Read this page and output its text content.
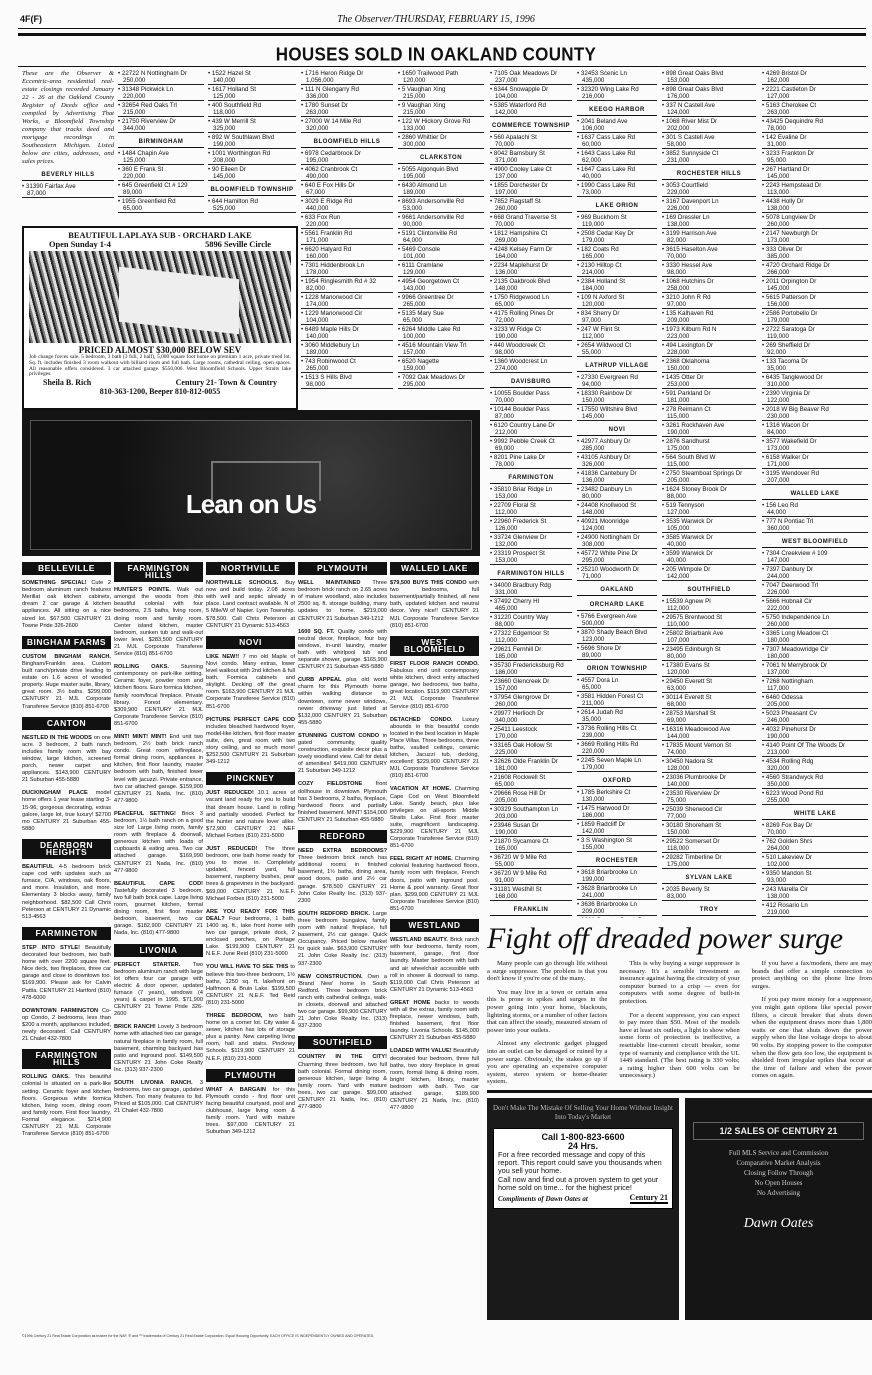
4F(F)	The Observer/THURSDAY, FEBRUARY 15, 1996
HOUSES SOLD IN OAKLAND COUNTY
These are the Observer & Eccentric-area residential real-estate closings recorded January 22 - 26 at the Oakland County Register of Deeds office and compiled by Advertising That Works, a Bloomfield Township company that tracks deed and mortgage recordings in Southeastern Michigan. Listed below are cities, addresses, and sales prices.
BEVERLY HILLS
• 31390 Fairfax Ave
87,000
• 22722 N Nottingham Dr
250,000
• 31348 Pickwick Ln
220,000
• 32654 Red Oaks Trl
215,000
• 21750 Riverview Dr
344,000
BIRMINGHAM
• 1484 Chapin Ave
125,000
• 360 E Frank St
220,000
• 645 Greenfield Ct # 129
89,000
• 1955 Greenfield Rd
65,000
• 1522 Hazel St
140,000
• 1617 Holland St
125,000
• 400 Southfield Rd
118,000
• 439 W Merrill St
325,000
• 892 W Southlawn Blvd
199,000
• 1001 Worthington Rd
208,000
• 90 Eileen Dr
145,000
BLOOMFIELD TOWNSHIP
• 644 Hamilton Rd
525,000
• 1716 Heron Ridge Dr
1,056,000
• 111 N Glengarry Rd
336,000
• 1780 Sunset Dr
263,000
• 27000 W 14 Mile Rd
320,000
BLOOMFIELD HILLS
• 6978 Cedarbrook Dr
195,000
• 4062 Cranbrook Ct
490,000
• 640 E Fox Hills Dr
67,000
• 3029 E Ridge Rd
440,000
• 633 Fox Run
220,000
• 5561 Franklin Rd
171,000
• 6620 Halyard Rd
160,000
• 7301 Hiddenbrook Ln
178,000
• 1954 Ringlesmith Rd # 32
82,000
• 1228 Manorwood Cir
174,000
• 1229 Manorwood Cir
104,000
• 6489 Maple Hills Dr
140,000
• 3060 Middlebury Ln
189,000
• 743 Robinwood Ct
265,000
• 1513 S Hills Blvd
98,000
• 1650 Trailwood Path
120,000
• 5 Vaughan Xing
215,000
• 9 Vaughan Xing
215,000
• 122 W Hickory Grove Rd
133,000
• 2860 Whittier Dr
300,000
CLARKSTON
• 5055 Algonquin Blvd
195,000
• 6430 Almond Ln
189,000
• 8693 Andersonville Rd
53,000
• 9661 Andersonville Rd
90,000
• 5191 Clintonville Rd
64,000
• 5469 Console
101,000
• 6111 Cramlane
129,000
• 4954 Georgetown Ct
143,000
• 9966 Greentree Dr
265,000
• 5135 Mary Sue
65,000
• 6264 Middle Lake Rd
100,000
• 4516 Mountain View Trl
157,000
• 6520 Nagette
159,000
• 7092 Oak Meadows Dr
295,000
• 7105 Oak Meadows Dr
237,000
• 6344 Snowapple Dr
104,000
• 5385 Waterford Rd
142,000
COMMERCE TOWNSHIP
• 560 Apalachi St
70,000
• 8042 Bamsbury St
371,000
• 4900 Cooley Lake Ct
137,000
• 1855 Dorchester Dr
197,000
• 7852 Flagstaff St
260,000
• 668 Grand Traverse St
70,000
• 1812 Hampshire Ct
269,000
• 4248 Kelsey Farm Dr
164,000
• 2234 Maplehurst Dr
136,000
• 2135 Oakbrook Blvd
148,000
• 1750 Ridgewood Ln
65,000
• 4175 Rolling Pines Dr
72,000
• 3233 W Ridge Ct
190,000
• 440 Woodcreek Ct
98,000
• 1360 Woodcrest Ln
274,000
DAVISBURG
• 10055 Boulder Pass
70,000
• 10144 Boulder Pass
87,000
• 6120 Country Lane Dr
212,000
• 9992 Pebble Creek Ct
69,000
• 8201 Pine Lake Dr
78,000
FARMINGTON
• 35810 Briar Ridge Ln
153,000
• 22709 Floral St
112,000
• 22960 Frederick St
126,000
• 33724 Glenview Dr
132,000
• 23319 Prospect St
153,000
FARMINGTON HILLS
• 34000 Bradbury Rdg
331,000
• 37492 Cherry Hl
465,000
• 31220 Country Way
88,000
• 27322 Edgemoor St
112,000
• 29621 Fernhill Dr
185,000
• 35730 Fredericksburg Rd
186,000
• 23660 Glencreek Dr
157,000
• 37954 Glengrove Dr
260,000
• 29977 Herlioch Dr
340,000
• 25411 Leestock
170,000
• 33165 Oak Hollow St
225,000
• 32626 Olde Franklin Dr
181,000
• 21608 Rockwell St
65,000
• 29666 Rose Hill Dr
205,000
• 30329 Southampton Ln
203,000
• 23946 Susan Dr
190,000
• 21870 Sycamore Ct
165,000
• 36720 W 9 Mile Rd
55,000
• 36720 W 9 Mile Rd
91,000
• 31181 Westhill St
168,000
FRANKLIN
• 32453 Scenic Ln
435,000
• 32320 Wing Lake Rd
216,000
KEEGO HARBOR
• 2041 Beland Ave
106,000
• 1637 Cass Lake Rd
60,000
• 1643 Cass Lake Rd
62,000
• 1647 Cass Lake Rd
40,000
• 1990 Cass Lake Rd
73,000
LAKE ORION
• 969 Buckhorn St
119,000
• 2508 Cedar Key Dr
179,000
• 182 Coats Rd
165,000
• 2130 Hilltop Ct
214,000
• 2384 Holland St
184,000
• 109 N Axford St
120,000
• 834 Sherry Dr
97,000
• 247 W Flint St
112,000
• 2654 Wildwood Ct
55,000
LATHRUP VILLAGE
• 27330 Evergreen Rd
94,000
• 18330 Rainbow Dr
150,000
• 17550 Wiltshire Blvd
145,000
NOVI
• 42977 Ashbury Dr
285,000
• 43105 Ashbury Dr
326,000
• 41836 Cantebury Dr
136,000
• 23482 Danbury Ln
80,000
• 24408 Knollwood St
148,000
• 40921 Moonridge
124,000
• 24900 Nottingham Dr
308,000
• 45772 White Pine Dr
295,000
• 25210 Woodworth Dr
71,000
OAKLAND
ORCHARD LAKE
• 5766 Evergreen Ave
500,000
• 3870 Shady Beach Blvd
123,000
• 5696 Shore Dr
89,000
ORION TOWNSHIP
• 4557 Dora Ln
65,000
• 3581 Hidden Forest Ct
211,000
• 2614 Judah Rd
35,000
• 3736 Rolling Hills Ct
239,000
• 3669 Rolling Hills Rd
220,000
• 2245 Seven Maple Ln
179,000
OXFORD
• 1785 Berkshire Ct
130,000
• 1475 Harwood Dr
186,000
• 1859 Radcliff Dr
142,000
• 3 S Washington St
155,000
ROCHESTER
• 3618 Briarbrooke Ln
199,000
• 3628 Briarbrooke Ln
241,000
• 3636 Briarbrooke Ln
209,000
•
• 898 Great Oaks Blvd
153,000
• 898 Great Oaks Blvd
176,000
• 337 N Castell Ave
124,000
• 1068 River Mist Dr
202,000
• 301 S Castell Ave
58,000
• 3852 Sunnyside Ct
231,000
ROCHESTER HILLS
• 3053 Courtfield
229,000
• 3167 Davenport Ln
226,000
• 169 Dressler Ln
138,000
• 3199 Harrison Ave
82,000
• 3615 Haselton Ave
70,000
• 3330 Hessel Ave
98,000
• 1068 Hutchins Dr
258,000
• 3210 John R Rd
97,000
• 135 Kalhaven Rd
209,000
• 1973 Kilburn Rd N
223,000
• 494 Lexington Dr
228,000
• 2368 Oklahoma
150,000
• 1435 Otter Dr
253,000
• 591 Parkland Dr
181,000
• 278 Reimann Ct
115,000
• 3261 Rockhaven Ave
190,000
• 2876 Sandhurst
175,000
• 564 South Blvd W
115,000
• 2750 Steamboat Springs Dr
205,000
• 1624 Stoney Brook Dr
88,000
• 519 Tennyson
127,000
• 3535 Warwick Dr
105,000
• 3585 Warwick Dr
40,000
• 3599 Warwick Dr
40,000
• 205 Wimpole Dr
142,000
SOUTHFIELD
• 15539 Agnew Pl
112,000
• 29575 Brentwood St
110,000
• 25802 Briarbank Ave
107,000
• 23495 Edinburgh St
80,000
• 17380 Evans St
120,000
• 29450 Everett St
63,000
• 30114 Everett St
68,000
• 28753 Marshall St
69,000
• 16316 Meadowood Ave
144,000
• 17835 Mount Vernon St
74,000
• 30450 Nadora St
128,000
• 23036 Plumbrooke Dr
140,000
• 23530 Riverview Dr
75,000
• 25039 Sherwood Cir
77,000
• 30180 Shoreham St
150,000
• 29522 Somerset Dr
118,000
• 29282 Timberline Dr
175,000
SYLVAN LAKE
• 2035 Beverly St
83,000
TROY
• 4269 Bristol Dr
162,000
• 2221 Castleton Dr
127,000
• 5163 Cherokee Ct
263,000
• 43425 Dequindre Rd
78,000
• 142 Evaline Dr
31,000
• 3233 Frankton Dr
95,000
• 267 Hartland Dr
145,000
• 2243 Hempstead Dr
113,000
• 4438 Holly Dr
138,000
• 5078 Longview Dr
260,000
• 2147 Newburgh Dr
173,000
• 333 Oliver Dr
385,000
• 4720 Orchard Ridge Dr
266,000
• 2011 Orpington Dr
145,000
• 5615 Patterson Dr
156,000
• 2586 Portobello Dr
179,000
• 2722 Saratoga Dr
119,000
• 269 Sheffield Dr
92,000
• 133 Tacoma Dr
35,000
• 6435 Tanglewood Dr
310,000
• 2390 Virginia Dr
122,000
• 2018 W Big Beaver Rd
230,000
• 1316 Wacon Dr
84,000
• 3577 Wakefield Dr
173,000
• 6158 Walker Dr
171,000
• 3195 Wendover Rd
207,000
WALLED LAKE
• 156 Leo Rd
44,000
• 777 N Pontiac Trl
360,000
WEST BLOOMFIELD
• 7304 Creekview # 109
147,000
• 7397 Danbury Dr
244,000
• 7047 Deerwood Trl
226,000
• 5666 Hobnail Cir
222,000
• 5750 Independence Ln
260,000
• 3365 Long Meadow Ct
180,000
• 7307 Meadowridge Cir
180,000
• 7061 N Merrybrook Dr
137,000
• 7268 Nottingham
117,000
• 6460 Odessa
205,000
• 5023 Pheasant Cv
246,000
• 4032 Pinehurst Dr
190,000
• 4140 Point Of The Woods Dr
213,000
• 4534 Rolling Rdg
320,000
• 4560 Strandwyck Rd
350,000
• 6223 Wood Pond Rd
255,000
WHITE LAKE
• 8269 Fox Bay Dr
70,000
• 762 Golden Shrs
264,000
• 510 Lakeview Dr
102,000
• 9350 Mandon St
93,000
• 243 Marella Cir
138,000
• 412 Rosario Ln
219,000
BEAUTIFUL LAPLAYA SUB - ORCHARD LAKE
Open Sunday 1-4	5896 Seville Circle
PRICED ALMOST $30,000 BELOW SEV
Job change forces sale. 5 bedroom, 3 bath (3 full, 2 half), 5,000 square foot home on premium 1 acre, private treed lot. Sq. ft. includes finished 3 room walkout with billiard room and full bath. Large rooms, cathedral ceiling, open spaces. All reasonable offers considered. 3 car attached garage. $550,000. West Bloomfield Schools. Upper Straits lake privileges.
Sheila B. Rich	Century 21- Town & Country
810-363-1200, Beeper 810-812-0055
Lean on Us
BELLEVILLE
SOMETHING SPECIAL! Cute 2 bedroom aluminum ranch features Merillat oak kitchen cabinets, dream 2 car garage & kitchen appliances. All sitting on a nice sized lot. $67,500 CENTURY 21 Towne Pride 326-2600
BINGHAM FARMS
CUSTOM BINGHAM RANCH. Bingham/Franklin area. Custom built ranch/private drive leading to estate on 1.6 acres of wooded property. Huge master suite, library, great room. 3½ baths. $299,000 CENTURY 21 MJL Corporate Transferee Service (810) 851-6700
CANTON
NESTLED IN THE WOODS on one acre. 3 bedroom, 2 bath ranch includes family room with bay window, large kitchen, screened porch, newer carpet and appliances. $143,900 CENTURY 21 Suburban 455-5880
DUCKINGHAM PLACE model home offers 1 year lease starting 3-15-96, gorgeous decorating, extras galore, large lot, true luxury! $2700 mo CENTURY 21 Suburban 455-5880
DEARBORN HEIGHTS
BEAUTIFUL 4-5 bedroom brick cape cod with updates such as furnace, C/A, windows, oak floors, and more. Insulation, and more. Elementary 3 blocks away, family neighborhood. $82,500 Call Chris Peterson at CENTURY 21 Dynamic 513-4563
FARMINGTON
STEP INTO STYLE! Beautifully decorated four bedroom, two bath home with over 2200 square feet. Nice deck, two fireplaces, three car garage and close to downtown too. $169,900. Please ask for Calvin Pattia. CENTURY 21 Hartford (810) 478-6000
DOWNTOWN FARMINGTON Co-op Condo, 2 bedrooms, less than $200 a month, appliances included, newly decorated. Call CENTURY 21 Chalet 432-7800
FARMINGTON HILLS
ROLLING OAKS. This beautiful colonial is situated on a park-like setting. Ceramic foyer and kitchen floors. Gorgeous white formica kitchen, living room, dining room and family room. First floor laundry. Formal elegance. $214,900 CENTURY 21 MJL Corporate Transferee Service (810) 851-6700
FARMINGTON HILLS
HUNTER'S POINTE. Walk out amongst the woods from this beautiful colonial with four bedrooms, 2.5 baths, living room, dining room and family room. Center island kitchen, master bedroom, sunken tub and walk-out lower level. $283,500 CENTURY 21 MJL Corporate Transferee Service (810) 851-6700
ROLLING OAKS. Stunning contemporary on park-like setting. Ceramic foyer, powder room and kitchen floors. Euro formica kitchen, family room/focal fireplace. Private library. Forest elementary. $309,900 CENTURY 21 MJL Corporate Transferee Service (810) 851-6700
MINT! MINT! MINT! End unit two bedroom, 2½ bath brick ranch condo. Great room w/fireplace, formal dining room, appliances in kitchen, first floor laundry, master bedroom with bath, finished lower level with jacuzzi. Private entrance, two car attached garage. $159,900 CENTURY 21 Nada, Inc. (810) 477-9800
PEACEFUL SETTING! Brick 3 bedroom, 1½ bath ranch on a good size lot! Large living room, family room with fireplace & doorwall, generous kitchen with loads of cupboards & eating area. Two car attached garage. $169,990 CENTURY 21 Nada, Inc. (810) 477-9800
BEAUTIFUL CAPE COD! Tastefully decorated 3 bedroom, two full bath brick cape. Large living room, gourmet kitchen, formal dining room, first floor master bedroom, basement, two car garage. $182,900 CENTURY 21 Nada, Inc. (810) 477-9800
LIVONIA
PERFECT STARTER. Two bedroom aluminum ranch with large lot offers four car garage with electric & door opener, updated furnace (7 years), windows (4 years) & carpet in 1995. $71,900 CENTURY 21 Towne Pride 326-2600
BRICK RANCH! Lovely 3 bedroom home with attached two car garage, natural fireplace in family room, full basement, charming backyard has patio and inground pool. $149,500 CENTURY 21 John Coke Realty Inc. (313) 937-2300
SOUTH LIVONIA RANCH. 3 bedrooms, two car garage, updated kitchen. Too many features to list. Priced at $105,000. Call CENTURY 21 Chalet 432-7800
NORTHVILLE
NORTHVILLE SCHOOLS. Buy now and build today. 2.08 acres with well and septic already in place. Land contract available. N of 5 Mile/W of Napier. Lyon Township. $78,500. Call Chris Peterson at CENTURY 21 Dynamic 513-4563
NOVI
LIKE NEW!! 7 mo old Maple of Novi condo. Many extras, lower level walkout with 2nd kitchen & full bath. Formica cabinets and skylight. Decking off the great room. $163,900 CENTURY 21 MJL Corporate Transferee Service (810) 851-6700
PICTURE PERFECT CAPE COD includes bleached hardwood foyer, model-like kitchen, first floor master suite, den, great room with two story ceiling, and so much more! $252,500 CENTURY 21 Suburban 349-1212
PINCKNEY
JUST REDUCED! 10.1 acres of vacant land ready for you to build that dream house. Land is rolling and partially wooded. Perfect for the hunter and nature lover alike. $72,900 CENTURY 21 NEF Michael Forbes (810) 231-5000
JUST REDUCED! The three bedroom, one bath home ready for you to move in. Completely updated, fenced yard, full basement, raspberry bushes, pear trees & grapevines in the backyard. $69,000 CENTURY 21 N.E.F. Michael Forbes (810) 231-5000
ARE YOU READY FOR THIS DEAL? Four bedrooms, 1 bath, 1400 sq. ft., lake front home with two car garage, private dock, 2 enclosed porches, on Portage Lake. $199,900 CENTURY 21 N.E.F. June Reid (810) 231-5000
YOU WILL HAVE TO SEE THIS to believe this two-three bedroom, 1½ baths, 1250 sq. ft. lakefront on Halfmoon & Bruin Lake. $199,500 CENTURY 21 N.E.F. Ted Reid (810) 231-5000
THREE BEDROOM, two bath home on a corner lot. City water & sewer, kitchen has lots of storage plus a pantry. New carpeting living room, hall and stairs. Pinckney Schools. $119,900 CENTURY 21 N.E.F. (810) 231-5000
PLYMOUTH
WHAT A BARGAIN for this Plymouth condo - first floor unit facing beautiful courtyard, pool and clubhouse, large living room & family room. Yard with mature trees. $97,000 CENTURY 21 Suburban 349-1212
PLYMOUTH
WELL MAINTAINED Three bedroom brick ranch on 2.65 acres of mature woodland, also includes 2500 sq. ft. storage building, many updates to home. $219,000 CENTURY 21 Suburban 349-1212
1600 SQ. FT. Quality condo with neutral decor, fireplace, four bay windows, in-unit laundry, master bath with whirlpool tub and separate shower, garage. $165,900 CENTURY 21 Suburban 455-5880
CURB APPEAL plus old world charm for this Plymouth home within walking distance to downtown, some newer windows, newer driveway just listed at $132,000 CENTURY 21 Suburban 455-5880
STUNNING CUSTOM CONDO in gated community, quality construction, exquisite decor plus a lovely woodland view. Call for detail of amenities! $419,000 CENTURY 21 Suburban 349-1212
COZY FIELDSTONE front dollhouse in downtown Plymouth has 3 bedrooms, 2 baths, fireplace, hardwood floors and partially finished basement. MINT! $154,000 CENTURY 21 Suburban 455-5880
REDFORD
NEED EXTRA BEDROOMS? Three bedroom brick ranch has additional rooms in finished basement, 1½ baths, dining area, wood doors, patio and 2½ car garage. $78,500 CENTURY 21 John Coke Realty Inc. (313) 937-2300
SOUTH REDFORD BRICK. Large three bedroom bungalow, family room with natural fireplace, full basement, 2½ car garage. Quick Occupancy. Priced below market for quick sale. $63,900 CENTURY 21 John Coke Realty Inc. (313) 937-2300
NEW CONSTRUCTION. Own a 'Brand New' home in South Redford. Three bedroom brick ranch with cathedral ceilings, walk-in closets, doorwall and attached two car garage. $99,900 CENTURY 21 John Coke Realty Inc. (313) 937-2300
SOUTHFIELD
COUNTRY IN THE CITY! Charming three bedroom, two full bath colonial. Formal dining room, generous kitchen, large living & family room. Yard with mature trees, two car garage. $99,000 CENTURY 21 Nada, Inc. (810) 477-9800
WALLED LAKE
$79,500 BUYS THIS CONDO with two bedrooms, full basement/partially finished, all new bath, updated kitchen and neutral decor. Very nice!! CENTURY 21 MJL Corporate Transferee Service (810) 851-6700
WEST BLOOMFIELD
FIRST FLOOR RANCH CONDO. Fabulous end unit contemporary white kitchen, direct entry attached garage, two bedrooms, two baths, great location. $119,900 CENTURY 21 MJL Corporate Transferee Service (810) 851-6700
DETACHED CONDO. Luxury abounds in this beautiful condo located in the best location in Maple Place Villas. Three bedrooms, three baths, vaulted ceilings, ceramic kitchen, Jacuzzi tub, decking, excellent! $229,900 CENTURY 21 MJL Corporate Transferee Service (810) 851-6700
VACATION AT HOME. Charming Cape Cod on West Bloomfield Lake. Sandy beach, plus lake privileges on all-sports Middle Straits Lake. First floor master suite, magnificent landscaping. $229,900 CENTURY 21 MJL Corporate Transferee Service (810) 851-6700
FEEL RIGHT AT HOME. Charming colonial featuring hardwood floors, family room with fireplace, French doors, patio with inground pool. Home & pool warranty. Great floor plan. $299,900 CENTURY 21 MJL Corporate Transferee Service (810) 851-6700
WESTLAND
WESTLAND BEAUTY. Brick ranch with four bedrooms, family room, basement, garage, first floor laundry. Master bedroom with bath and air wheelchair accessible with roll in shower & doorwall to ramp. $119,000 Call Chris Peterson at CENTURY 21 Dynamic 513-4563
GREAT HOME backs to woods with all the extras, family room with fireplace, newer windows, bath, finished basement, first floor laundry. Livonia Schools. $145,000 CENTURY 21 Suburban 455-5880
LOADED WITH VALUE! Beautifully decorated four bedroom, three full baths, two story fireplace in great room, formal living & dining room, bright kitchen, library, master bedroom with bath. Two car attached garage. $189,900 CENTURY 21 Nada, Inc. (810) 477-9800
©1996 Century 21 Real Estate Corporation as trustee for the NAF. ® and ™ trademarks of Century 21 Real Estate Corporation. Equal Housing Opportunity. EACH OFFICE IS INDEPENDENTLY OWNED AND OPERATED.
Fight off dreaded power surge

Many people can go through life without a surge suppressor. The problem is that you don't know if you're one of the many.

You may live in a town or certain area this is prone to spikes and surges in the power going into your home, blackouts, lightning storms, or a number of other factors that can affect the steady, measured stream of power into your outlets.

Almost any electronic gadget plugged into an outlet can be damaged or ruined by a power surge. Obviously, the stakes go up if you are operating an expensive computer system, stereo system or home-theater system.

This is why buying a surge suppressor is necessary. It's a sensible investment as insurance against having the circuitry of your computer burned to a crisp — even for computers with some degree of built-in protection.

For a decent suppressor, you can expect to pay more than $50. Most of the models have at least six outlets, a light to show when some form of protection is ineffective, a resettable line-current circuit breaker, some type of warranty and compliance with the UL 1449 standard. (The best rating is 330 volts; a rating higher than 600 volts can be unnecessary.)

If you have a fax/modem, there are may brands that offer a simple connection to protect anything on the phone line from surges.

If you pay more money for a suppressor, you might gain options like special power filters, a circuit breaker that shuts down when the equipment draws more than 1,800 watts or one that shuts down the power supply when the line voltage drops to about 90 volts. By stopping power to the computer when the flow gets too low, the equipment is shielded from irregular spikes that occur at the time of failure and when the power comes on again.

Don't Make The Mistake Of Selling Your Home Without Insight Into Today's Market
Call 1-800-823-6600
24 Hrs.
For a free recorded message and copy of this report. This report could save you thousands when you sell your home.
Call now and find out a proven system to get your home sold on time... for the highest price!
Compliments of Dawn Oates at	Century 21
1/2 SALES OF CENTURY 21
Full MLS Service and Commission
Comparative Market Analysis
Closing Follow Through
No Open Houses
No Advertising
Dawn Oates
